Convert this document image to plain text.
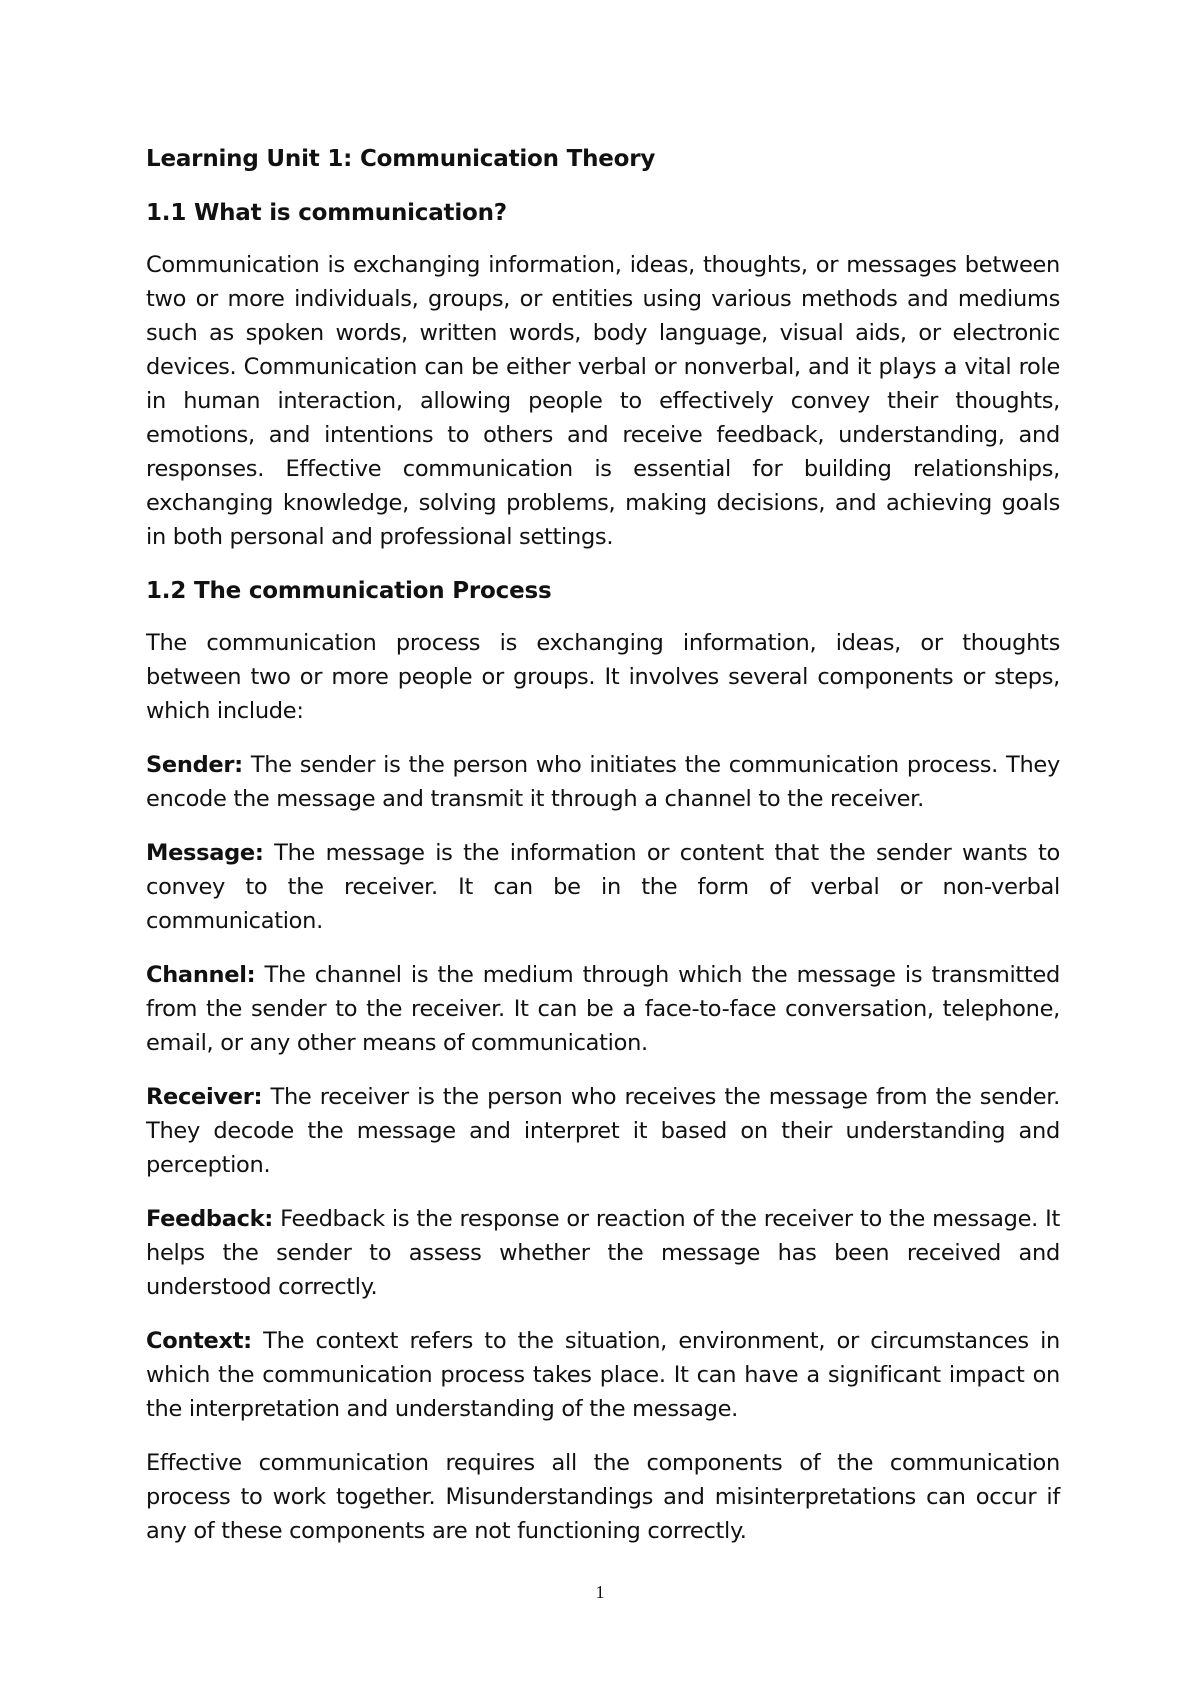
Learning Unit 1: Communication Theory
1.1 What is communication?

Communication is exchanging information, ideas, thoughts, or messages between two or more individuals, groups, or entities using various methods and mediums such as spoken words, written words, body language, visual aids, or electronic devices. Communication can be either verbal or nonverbal, and it plays a vital role in human interaction, allowing people to effectively convey their thoughts, emotions, and intentions to others and receive feedback, understanding, and responses. Effective communication is essential for building relationships, exchanging knowledge, solving problems, making decisions, and achieving goals in both personal and professional settings.

1.2 The communication Process

The communication process is exchanging information, ideas, or thoughts between two or more people or groups. It involves several components or steps, which include:

Sender: The sender is the person who initiates the communication process. They encode the message and transmit it through a channel to the receiver.

Message: The message is the information or content that the sender wants to convey to the receiver. It can be in the form of verbal or non-verbal communication.

Channel: The channel is the medium through which the message is transmitted from the sender to the receiver. It can be a face-to-face conversation, telephone, email, or any other means of communication.

Receiver: The receiver is the person who receives the message from the sender. They decode the message and interpret it based on their understanding and perception.

Feedback: Feedback is the response or reaction of the receiver to the message. It helps the sender to assess whether the message has been received and understood correctly.

Context: The context refers to the situation, environment, or circumstances in which the communication process takes place. It can have a significant impact on the interpretation and understanding of the message.

Effective communication requires all the components of the communication process to work together. Misunderstandings and misinterpretations can occur if any of these components are not functioning correctly.

1
